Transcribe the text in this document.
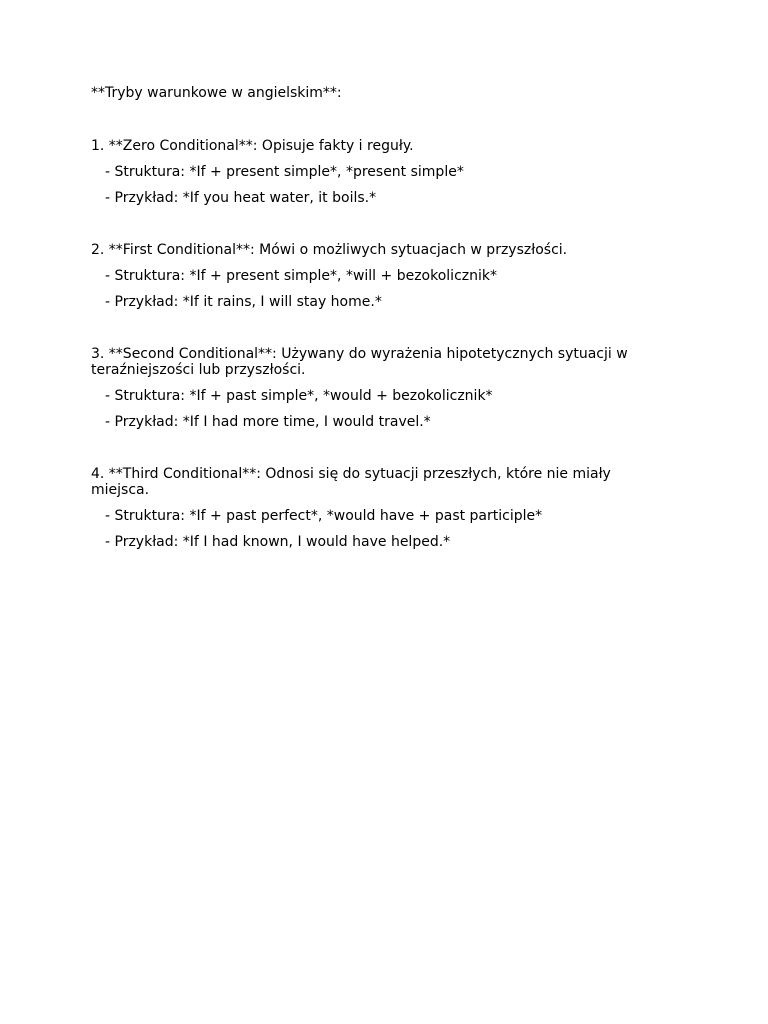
**Tryby warunkowe w angielskim**:

1. **Zero Conditional**: Opisuje fakty i reguły.

- Struktura: *If + present simple*, *present simple*

- Przykład: *If you heat water, it boils.*

2. **First Conditional**: Mówi o możliwych sytuacjach w przyszłości.

- Struktura: *If + present simple*, *will + bezokolicznik*

- Przykład: *If it rains, I will stay home.*

3. **Second Conditional**: Używany do wyrażenia hipotetycznych sytuacji w teraźniejszości lub przyszłości.

- Struktura: *If + past simple*, *would + bezokolicznik*

- Przykład: *If I had more time, I would travel.*

4. **Third Conditional**: Odnosi się do sytuacji przeszłych, które nie miały miejsca.

- Struktura: *If + past perfect*, *would have + past participle*

- Przykład: *If I had known, I would have helped.*
